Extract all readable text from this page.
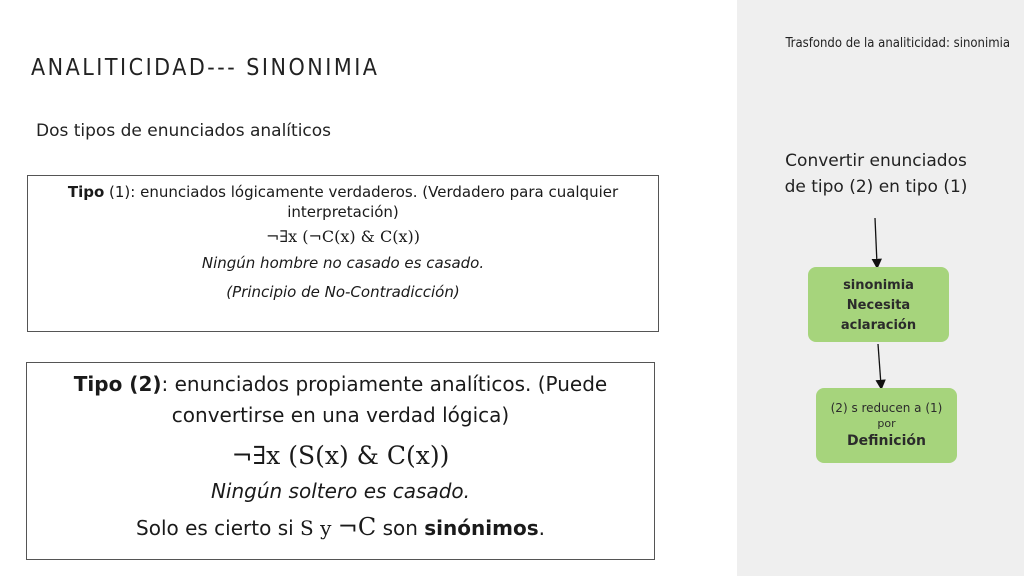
ANALITICIDAD--- SINONIMIA
Dos tipos de enunciados analíticos
Tipo (1): enunciados lógicamente verdaderos. (Verdadero para cualquier interpretación)
¬∃x (¬C(x) & C(x))
Ningún hombre no casado es casado.
(Principio de No-Contradicción)
Tipo (2): enunciados propiamente analíticos. (Puede convertirse en una verdad lógica)
¬∃x (S(x) & C(x))
Ningún soltero es casado.
Solo es cierto si S y ¬C son sinónimos.
Trasfondo de la analiticidad: sinonimia
Convertir enunciados
de tipo (2) en tipo (1)
sinonimia
Necesita
aclaración
(2) s reducen a (1)
por
Definición
